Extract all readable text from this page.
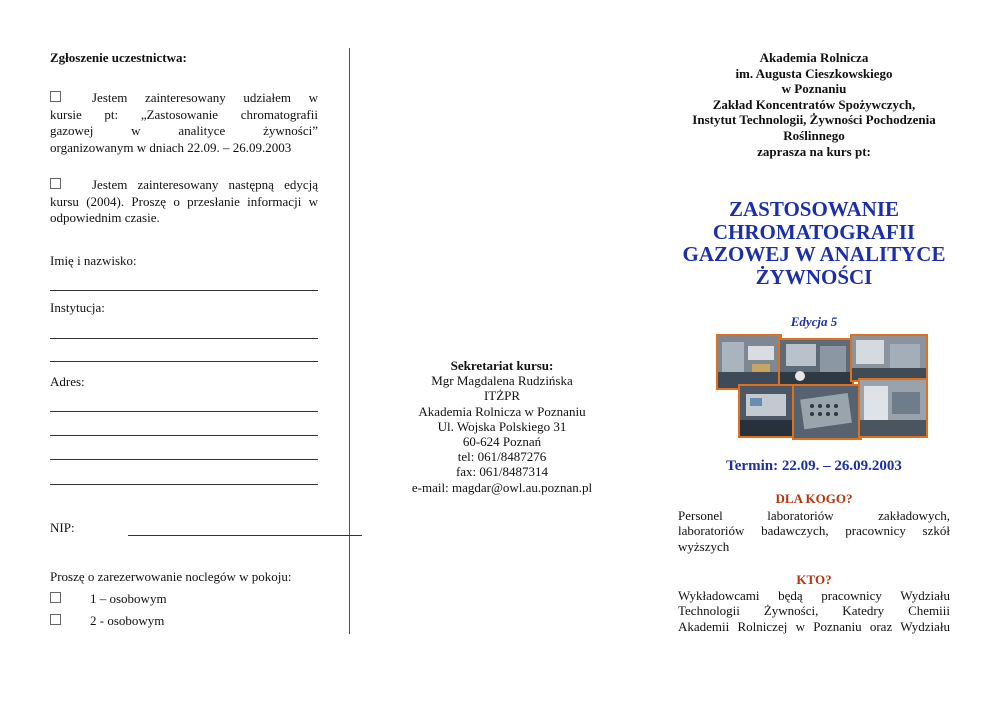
Zgłoszenie uczestnictwa:
Jestem zainteresowany udziałem w
kursie pt: „Zastosowanie chromatografii
gazowej w analityce żywności”
organizowanym w dniach 22.09. – 26.09.2003
Jestem zainteresowany następną edycją
kursu (2004). Proszę o przesłanie informacji w
odpowiednim czasie.
Imię i nazwisko:
Instytucja:
Adres:
NIP:
Proszę o zarezerwowanie noclegów w pokoju:
1 – osobowym
2 - osobowym
Sekretariat kursu:
Mgr Magdalena Rudzińska
ITŻPR
Akademia Rolnicza w Poznaniu
Ul. Wojska Polskiego 31
60-624 Poznań
tel: 061/8487276
fax: 061/8487314
e-mail: magdar@owl.au.poznan.pl
Akademia Rolnicza
im. Augusta Cieszkowskiego
w Poznaniu
Zakład Koncentratów Spożywczych,
Instytut Technologii, Żywności Pochodzenia
Roślinnego
zaprasza na kurs pt:
ZASTOSOWANIE
CHROMATOGRAFII
GAZOWEJ W ANALITYCE
ŻYWNOŚCI
Edycja 5
Termin: 22.09. – 26.09.2003
DLA KOGO?
Personel laboratoriów zakładowych,
laboratoriów badawczych, pracownicy szkół
wyższych
KTO?
Wykładowcami będą pracownicy Wydziału
Technologii Żywności, Katedry Chemiii
Akademii Rolniczej w Poznaniu oraz Wydziału
